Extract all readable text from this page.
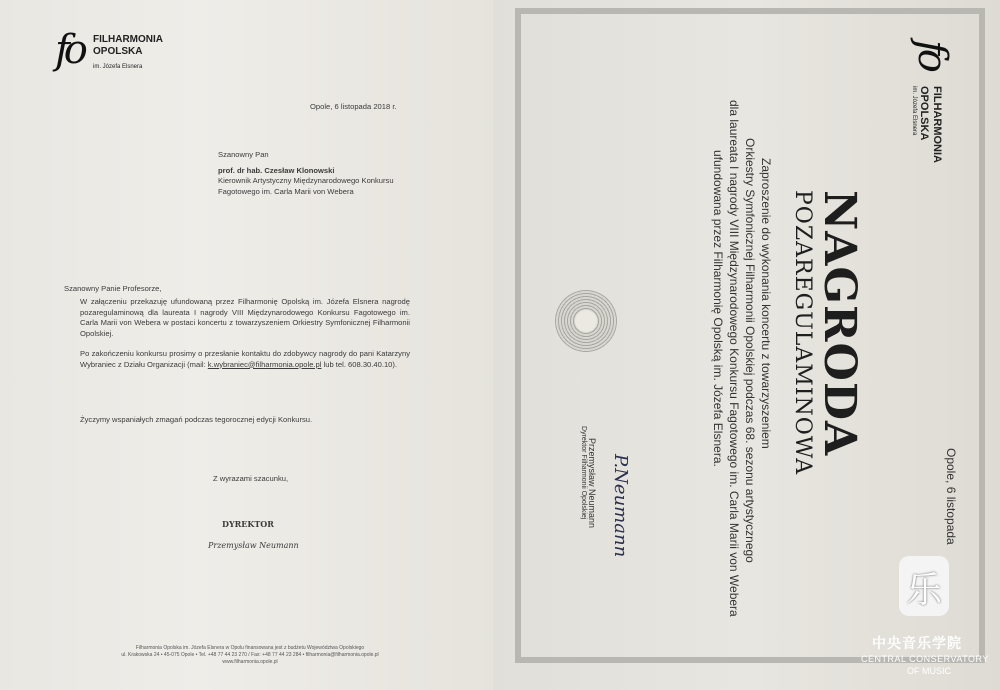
fo FILHARMONIA
OPOLSKA
im. Józefa Elsnera
Opole, 6 listopada 2018 r.
Szanowny Pan
prof. dr hab. Czesław Klonowski
Kierownik Artystyczny Międzynarodowego Konkursu
Fagotowego im. Carla Marii von Webera
Szanowny Panie Profesorze,
W załączeniu przekazuję ufundowaną przez Filharmonię Opolską im. Józefa Elsnera nagrodę pozaregulaminową dla laureata I nagrody VIII Międzynarodowego Konkursu Fagotowego im. Carla Marii von Webera w postaci koncertu z towarzyszeniem Orkiestry Symfonicznej Filharmonii Opolskiej.
Po zakończeniu konkursu prosimy o przesłanie kontaktu do zdobywcy nagrody do pani Katarzyny Wybraniec z Działu Organizacji (mail: k.wybraniec@filharmonia.opole.pl lub tel. 608.30.40.10).
Życzymy wspaniałych zmagań podczas tegorocznej edycji Konkursu.
Z wyrazami szacunku,
DYREKTOR
Przemysław Neumann
Filharmonia Opolska im. Józefa Elsnera w Opolu finansowana jest z budżetu Województwa Opolskiego
ul. Krakowska 24 • 45-075 Opole • Tel. +48 77 44 23 270 / Fax: +48 77 44 23 284 • filharmonia@filharmonia.opole.pl
www.filharmonia.opole.pl
fo
FILHARMONIA
OPOLSKA
im. Józefa Elsnera
NAGRODA
POZAREGULAMINOWA
Zaproszenie do wykonania koncertu z towarzyszeniem
Orkiestry Symfonicznej Filharmonii Opolskiej podczas 68. sezonu artystycznego
dla laureata I nagrody VIII Międzynarodowego Konkursu Fagotowego im. Carla Marii von Webera
ufundowana przez Filharmonię Opolską im. Józefa Elsnera.
Opole, 6 listopada
P.Neumann
Przemysław Neumann
Dyrektor Filharmonii Opolskiej
乐
中央音乐学院
CENTRAL CONSERVATORY
OF MUSIC
